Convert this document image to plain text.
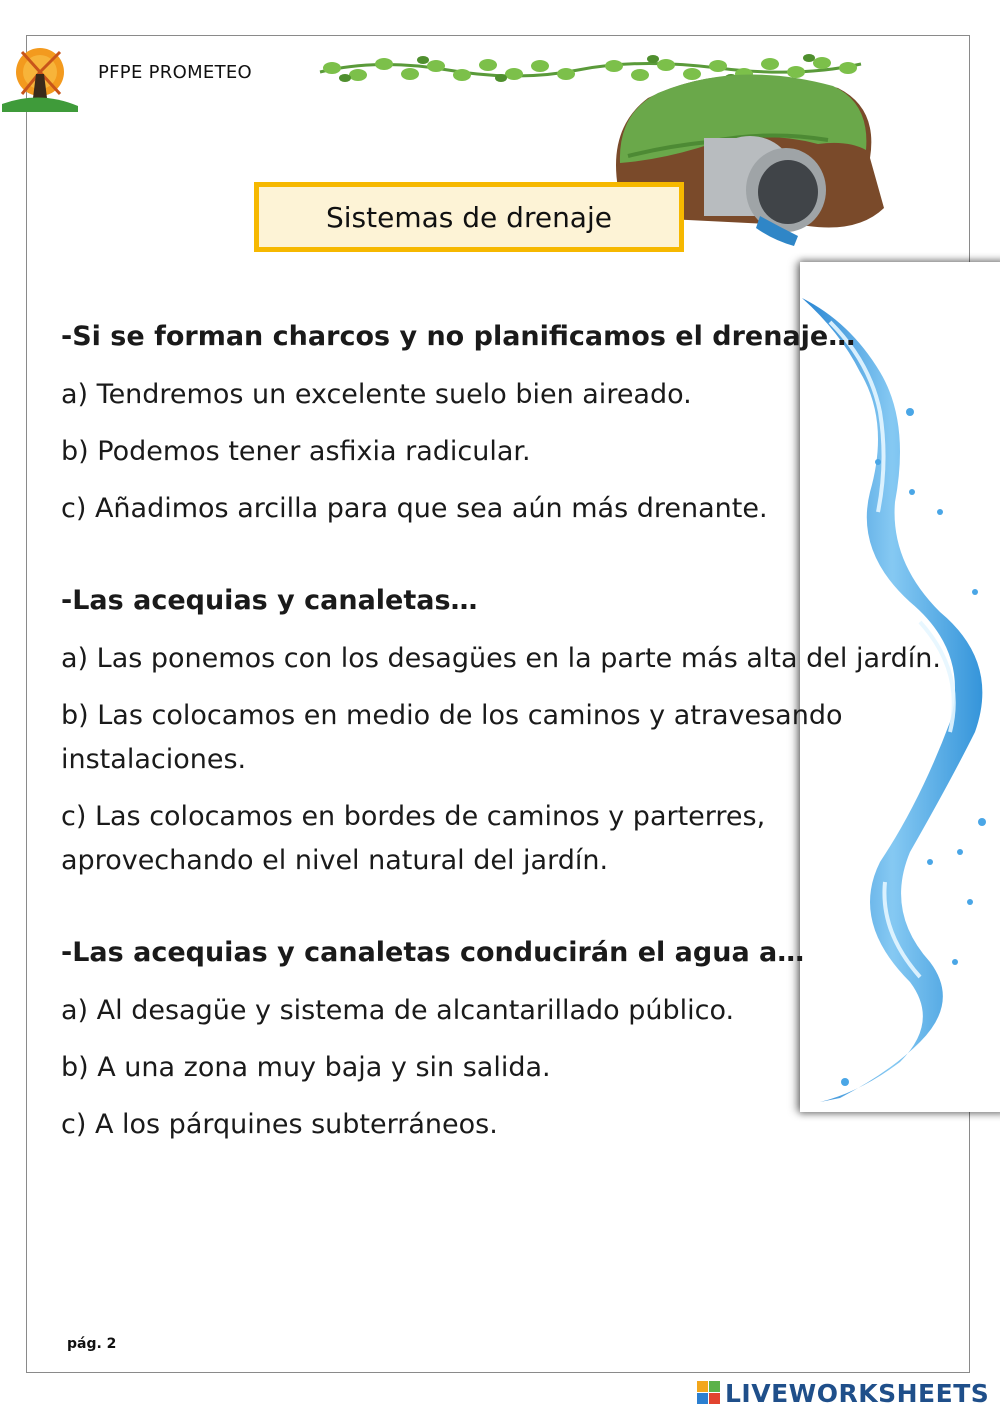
PFPE PROMETEO
Sistemas de drenaje
-Si se forman charcos y no planificamos el drenaje…
a) Tendremos un excelente suelo bien aireado.
b) Podemos tener asfixia radicular.
c) Añadimos arcilla para que sea aún más drenante.
-Las acequias y canaletas…
a) Las ponemos con los desagües en la parte más alta del jardín.
b) Las colocamos en medio de los caminos y atravesando instalaciones.
c) Las colocamos en bordes de caminos y parterres, aprovechando el nivel natural del jardín.
-Las acequias y canaletas conducirán el agua a…
a) Al desagüe y sistema de alcantarillado público.
b) A una zona muy baja y sin salida.
c) A los párquines subterráneos.
pág. 2
LIVEWORKSHEETS
